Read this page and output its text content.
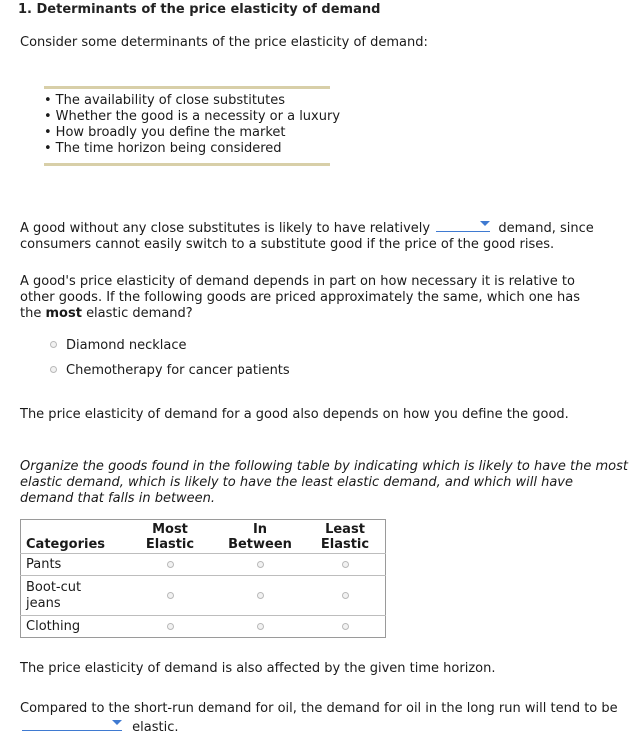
1. Determinants of the price elasticity of demand
Consider some determinants of the price elasticity of demand:
• The availability of close substitutes
• Whether the good is a necessity or a luxury
• How broadly you define the market
• The time horizon being considered
A good without any close substitutes is likely to have relatively	demand, since
consumers cannot easily switch to a substitute good if the price of the good rises.
A good's price elasticity of demand depends in part on how necessary it is relative to other goods. If the following goods are priced approximately the same, which one has the most elastic demand?
Diamond necklace
Chemotherapy for cancer patients
The price elasticity of demand for a good also depends on how you define the good.
Organize the goods found in the following table by indicating which is likely to have the most elastic demand, which is likely to have the least elastic demand, and which will have demand that falls in between.
Categories	Most Elastic	In Between	Least Elastic
Pants			

Boot-cut jeans			

Clothing			
The price elasticity of demand is also affected by the given time horizon.
Compared to the short-run demand for oil, the demand for oil in the long run will tend to be

elastic.
